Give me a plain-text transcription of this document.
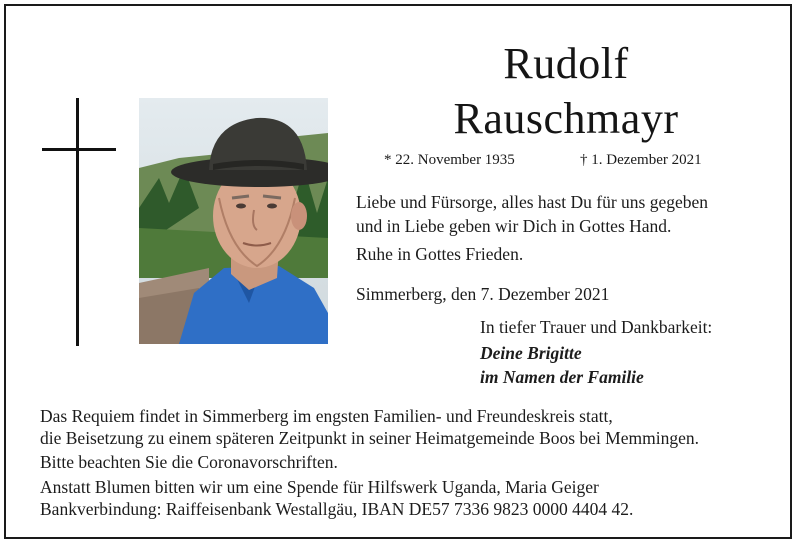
Rudolf
Rauschmayr
* 22. November 1935	† 1. Dezember 2021

Liebe und Fürsorge, alles hast Du für uns gegeben

und in Liebe geben wir Dich in Gottes Hand.

Ruhe in Gottes Frieden.

Simmerberg, den 7. Dezember 2021

In tiefer Trauer und Dankbarkeit:

Deine Brigitte

im Namen der Familie

Das Requiem findet in Simmerberg im engsten Familien- und Freundeskreis statt,

die Beisetzung zu einem späteren Zeitpunkt in seiner Heimatgemeinde Boos bei Memmingen.

Bitte beachten Sie die Coronavorschriften.

Anstatt Blumen bitten wir um eine Spende für Hilfswerk Uganda, Maria Geiger

Bankverbindung: Raiffeisenbank Westallgäu, IBAN DE57 7336 9823 0000 4404 42.
